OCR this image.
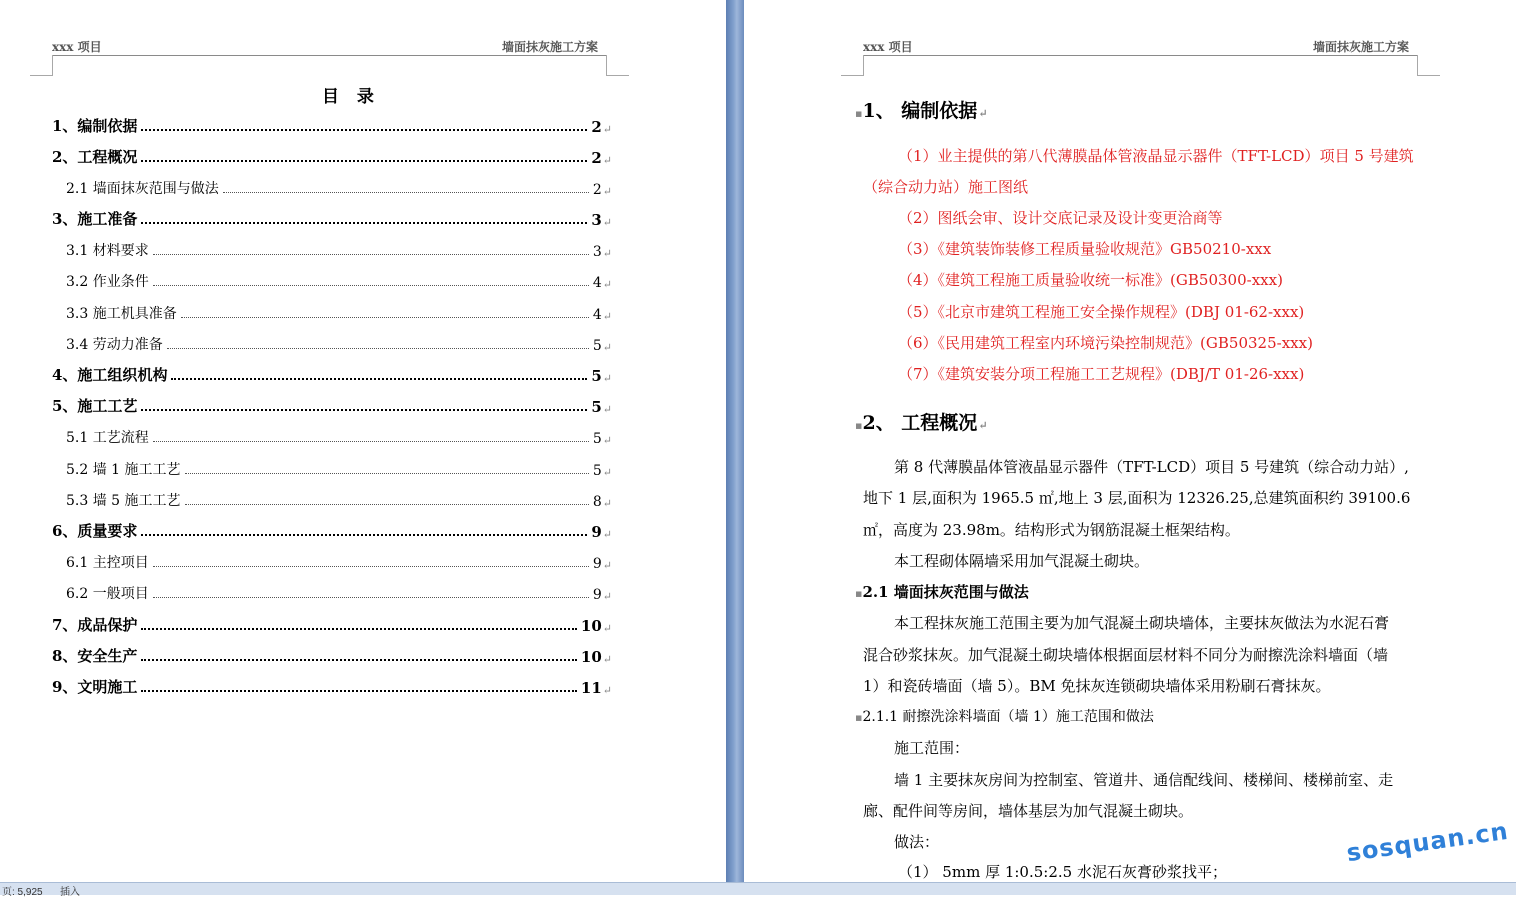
xxx 项目	墙面抹灰施工方案
目 录
1、编制依据	2 ↵
2、工程概况	2 ↵
2.1 墙面抹灰范围与做法	2 ↵
3、施工准备	3 ↵
3.1 材料要求	3 ↵
3.2 作业条件	4 ↵
3.3 施工机具准备	4 ↵
3.4 劳动力准备	5 ↵
4、施工组织机构	5 ↵
5、施工工艺	5 ↵
5.1 工艺流程	5 ↵
5.2 墙 1 施工工艺	5 ↵
5.3 墙 5 施工工艺	8 ↵
6、质量要求	9 ↵
6.1 主控项目	9 ↵
6.2 一般项目	9 ↵
7、成品保护	10 ↵
8、安全生产	10 ↵
9、文明施工	11 ↵
xxx 项目	墙面抹灰施工方案
▪1、 编制依据↵
（1）业主提供的第八代薄膜晶体管液晶显示器件（TFT-LCD）项目 5 号建筑
（综合动力站）施工图纸
（2）图纸会审、设计交底记录及设计变更洽商等
（3）《建筑装饰装修工程质量验收规范》GB50210-xxx
（4）《建筑工程施工质量验收统一标准》(GB50300-xxx)
（5）《北京市建筑工程施工安全操作规程》(DBJ 01-62-xxx)
（6）《民用建筑工程室内环境污染控制规范》(GB50325-xxx)
（7）《建筑安装分项工程施工工艺规程》(DBJ/T 01-26-xxx)
▪2、 工程概况↵
第 8 代薄膜晶体管液晶显示器件（TFT-LCD）项目 5 号建筑（综合动力站）,
地下 1 层,面积为 1965.5 ㎡,地上 3 层,面积为 12326.25,总建筑面积约 39100.6
㎡，高度为 23.98m。结构形式为钢筋混凝土框架结构。
本工程砌体隔墙采用加气混凝土砌块。
▪2.1 墙面抹灰范围与做法
本工程抹灰施工范围主要为加气混凝土砌块墙体，主要抹灰做法为水泥石膏
混合砂浆抹灰。加气混凝土砌块墙体根据面层材料不同分为耐擦洗涂料墙面（墙
1）和瓷砖墙面（墙 5）。BM 免抹灰连锁砌块墙体采用粉刷石膏抹灰。
▪2.1.1 耐擦洗涂料墙面（墙 1）施工范围和做法
施工范围：
墙 1 主要抹灰房间为控制室、管道井、通信配线间、楼梯间、楼梯前室、走
廊、配件间等房间，墙体基层为加气混凝土砌块。
做法：
（1） 5mm 厚 1:0.5:2.5 水泥石灰膏砂浆找平；
sosquan.cn
页: 5,925 插入
